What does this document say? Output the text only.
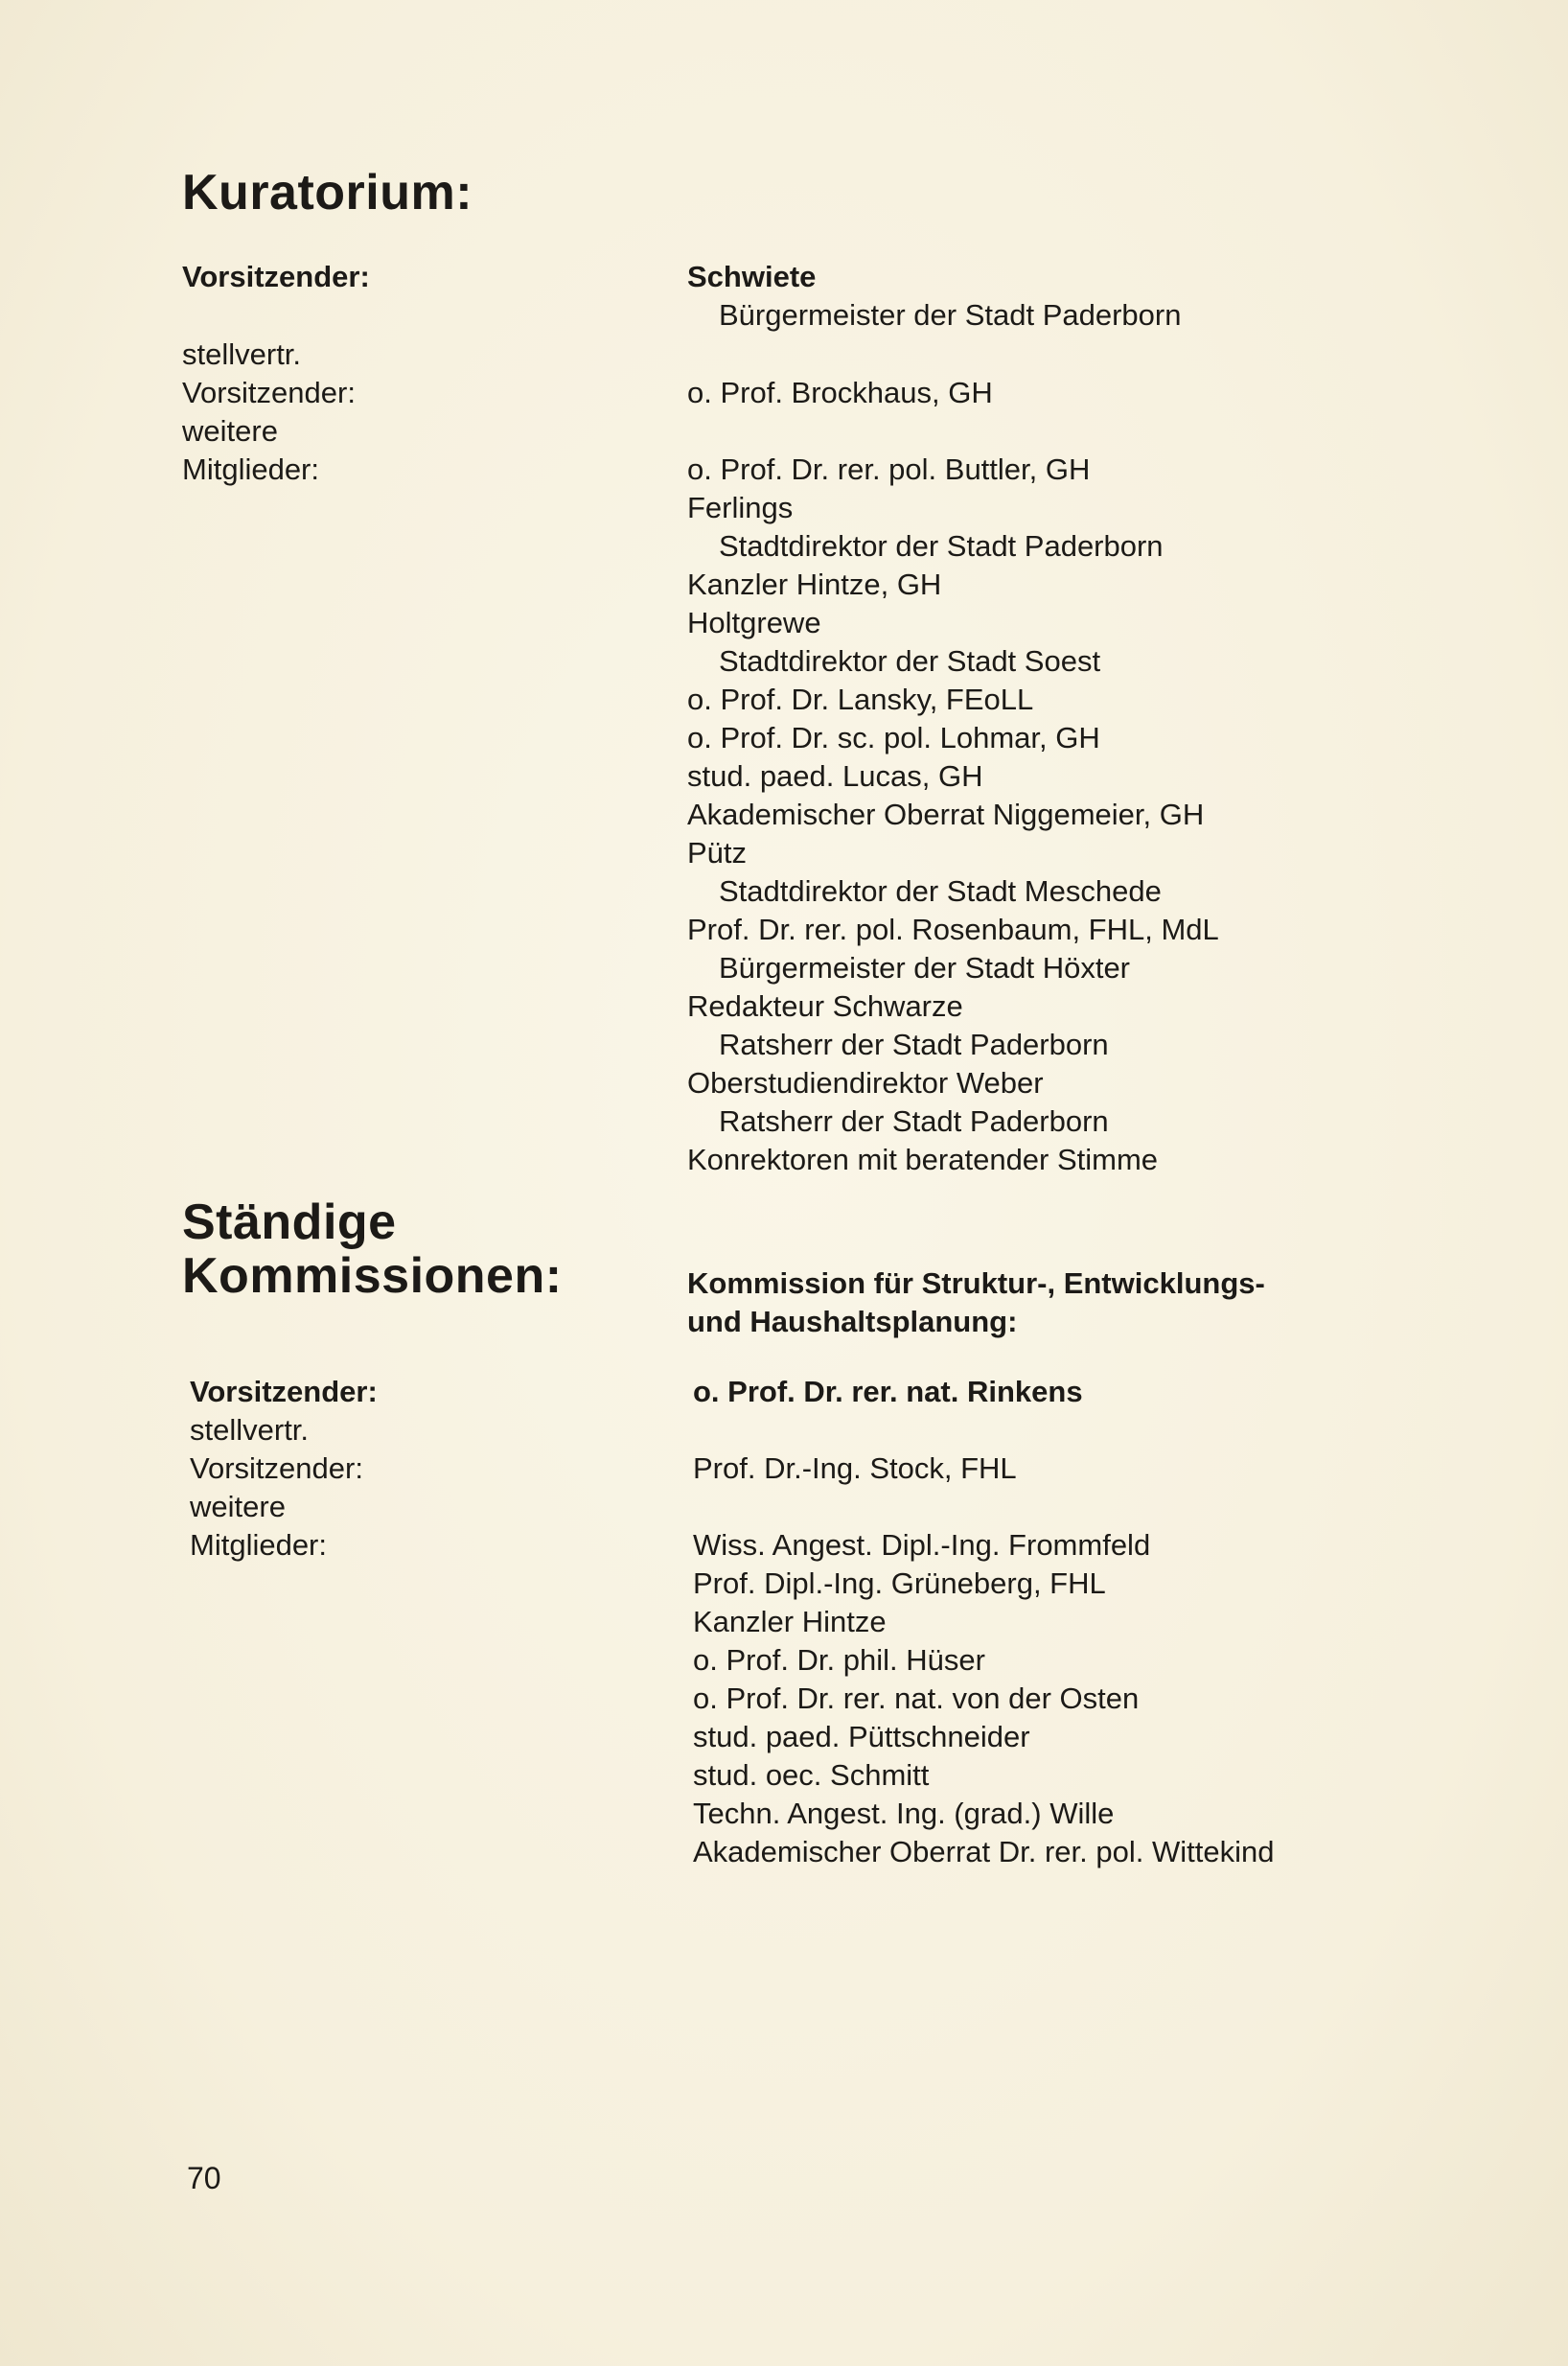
Kuratorium:
Vorsitzender:
stellvertr.
Vorsitzender:
weitere
Mitglieder:
Schwiete
Bürgermeister der Stadt Paderborn
o. Prof. Brockhaus, GH
o. Prof. Dr. rer. pol. Buttler, GH
Ferlings
Stadtdirektor der Stadt Paderborn
Kanzler Hintze, GH
Holtgrewe
Stadtdirektor der Stadt Soest
o. Prof. Dr. Lansky, FEoLL
o. Prof. Dr. sc. pol. Lohmar, GH
stud. paed. Lucas, GH
Akademischer Oberrat Niggemeier, GH
Pütz
Stadtdirektor der Stadt Meschede
Prof. Dr. rer. pol. Rosenbaum, FHL, MdL
Bürgermeister der Stadt Höxter
Redakteur Schwarze
Ratsherr der Stadt Paderborn
Oberstudiendirektor Weber
Ratsherr der Stadt Paderborn
Konrektoren mit beratender Stimme
Ständige
Kommissionen:	Kommission für Struktur-, Entwicklungs-
und Haushaltsplanung:
Vorsitzender:
stellvertr.
Vorsitzender:
weitere
Mitglieder:
o. Prof. Dr. rer. nat. Rinkens
Prof. Dr.-Ing. Stock, FHL
Wiss. Angest. Dipl.-Ing. Frommfeld
Prof. Dipl.-Ing. Grüneberg, FHL
Kanzler Hintze
o. Prof. Dr. phil. Hüser
o. Prof. Dr. rer. nat. von der Osten
stud. paed. Püttschneider
stud. oec. Schmitt
Techn. Angest. Ing. (grad.) Wille
Akademischer Oberrat Dr. rer. pol. Wittekind
70
